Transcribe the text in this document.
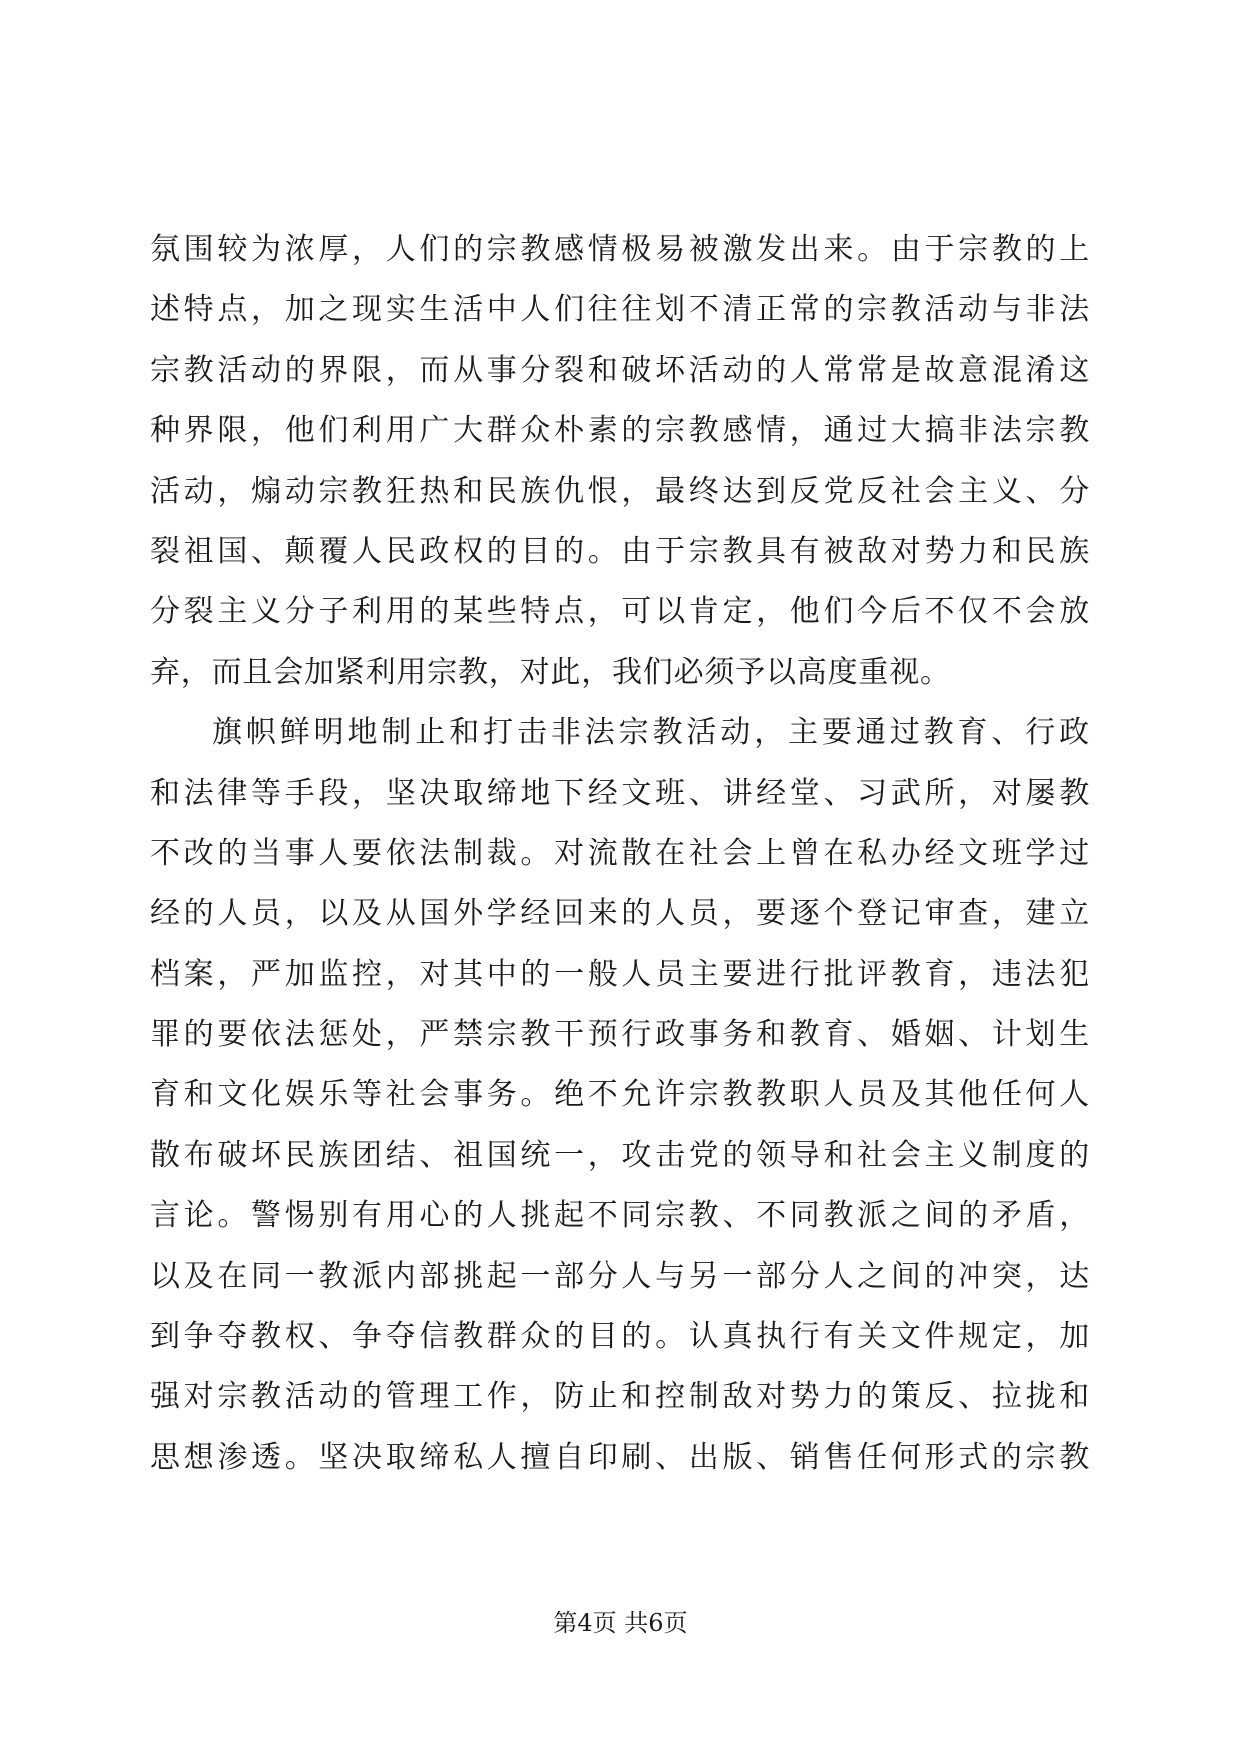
氛围较为浓厚，人们的宗教感情极易被激发出来。由于宗教的上
述特点，加之现实生活中人们往往划不清正常的宗教活动与非法
宗教活动的界限，而从事分裂和破坏活动的人常常是故意混淆这
种界限，他们利用广大群众朴素的宗教感情，通过大搞非法宗教
活动，煽动宗教狂热和民族仇恨，最终达到反党反社会主义、分
裂祖国、颠覆人民政权的目的。由于宗教具有被敌对势力和民族
分裂主义分子利用的某些特点，可以肯定，他们今后不仅不会放
弃，而且会加紧利用宗教，对此，我们必须予以高度重视。
旗帜鲜明地制止和打击非法宗教活动，主要通过教育、行政
和法律等手段，坚决取缔地下经文班、讲经堂、习武所，对屡教
不改的当事人要依法制裁。对流散在社会上曾在私办经文班学过
经的人员，以及从国外学经回来的人员，要逐个登记审查，建立
档案，严加监控，对其中的一般人员主要进行批评教育，违法犯
罪的要依法惩处，严禁宗教干预行政事务和教育、婚姻、计划生
育和文化娱乐等社会事务。绝不允许宗教教职人员及其他任何人
散布破坏民族团结、祖国统一，攻击党的领导和社会主义制度的
言论。警惕别有用心的人挑起不同宗教、不同教派之间的矛盾，
以及在同一教派内部挑起一部分人与另一部分人之间的冲突，达
到争夺教权、争夺信教群众的目的。认真执行有关文件规定，加
强对宗教活动的管理工作，防止和控制敌对势力的策反、拉拢和
思想渗透。坚决取缔私人擅自印刷、出版、销售任何形式的宗教
第4页 共6页
